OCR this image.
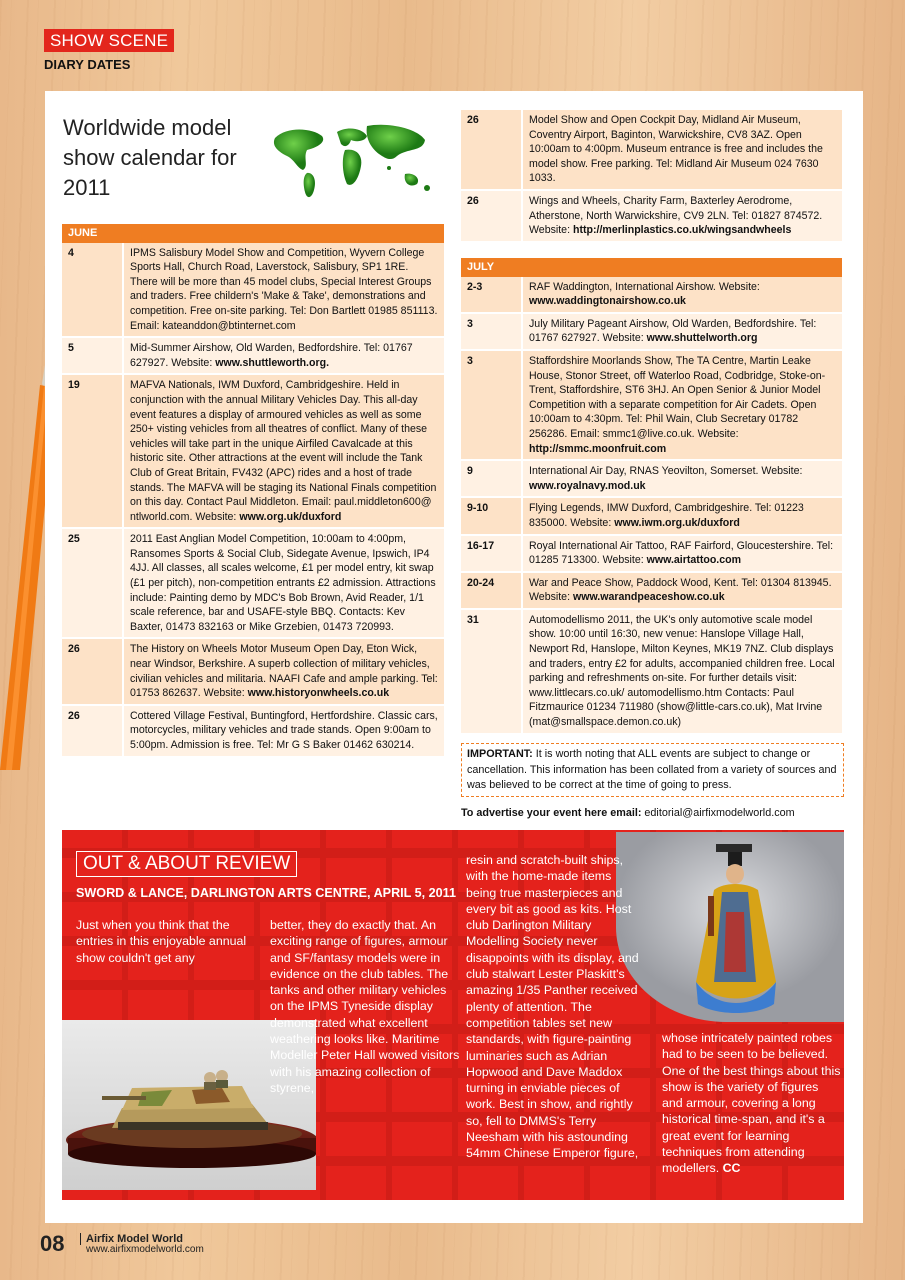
SHOW SCENE
DIARY DATES
Worldwide model show calendar for 2011
JUNE	
4	IPMS Salisbury Model Show and Competition, Wyvern College Sports Hall, Church Road, Laverstock, Salisbury, SP1 1RE. There will be more than 45 model clubs, Special Interest Groups and traders. Free childern's 'Make & Take', demonstrations and competition. Free on-site parking. Tel: Don Bartlett 01985 851113. Email: kateanddon@btinternet.com
5	Mid-Summer Airshow, Old Warden, Bedfordshire. Tel: 01767 627927. Website: www.shuttleworth.org.
19	MAFVA Nationals, IWM Duxford, Cambridgeshire. Held in conjunction with the annual Military Vehicles Day. This all-day event features a display of armoured vehicles as well as some 250+ visting vehicles from all theatres of conflict. Many of these vehicles will take part in the unique Airfiled Cavalcade at this historic site. Other attractions at the event will include the Tank Club of Great Britain, FV432 (APC) rides and a host of trade stands. The MAFVA will be staging its National Finals competition on this day. Contact Paul Middleton. Email: paul.middleton600@ ntlworld.com. Website: www.org.uk/duxford
25	2011 East Anglian Model Competition, 10:00am to 4:00pm, Ransomes Sports & Social Club, Sidegate Avenue, Ipswich, IP4 4JJ. All classes, all scales welcome, £1 per model entry, kit swap (£1 per pitch), non-competition entrants £2 admission. Attractions include: Painting demo by MDC's Bob Brown, Avid Reader, 1/1 scale reference, bar and USAFE-style BBQ. Contacts: Kev Baxter, 01473 832163 or Mike Grzebien, 01473 720993.
26	The History on Wheels Motor Museum Open Day, Eton Wick, near Windsor, Berkshire. A superb collection of military vehicles, civilian vehicles and militaria. NAAFI Cafe and ample parking. Tel: 01753 862637. Website: www.historyonwheels.co.uk
26	Cottered Village Festival, Buntingford, Hertfordshire. Classic cars, motorcycles, military vehicles and trade stands. Open 9:00am to 5:00pm. Admission is free. Tel: Mr G S Baker 01462 630214.
26	Model Show and Open Cockpit Day, Midland Air Museum, Coventry Airport, Baginton, Warwickshire, CV8 3AZ. Open 10:00am to 4:00pm. Museum entrance is free and includes the model show. Free parking. Tel: Midland Air Museum 024 7630 1033.
26	Wings and Wheels, Charity Farm, Baxterley Aerodrome, Atherstone, North Warwickshire, CV9 2LN. Tel: 01827 874572. Website: http://merlinplastics.co.uk/wingsandwheels
JULY	
2-3	RAF Waddington, International Airshow. Website: www.waddingtonairshow.co.uk
3	July Military Pageant Airshow, Old Warden, Bedfordshire. Tel: 01767 627927. Website: www.shuttelworth.org
3	Staffordshire Moorlands Show, The TA Centre, Martin Leake House, Stonor Street, off Waterloo Road, Codbridge, Stoke-on-Trent, Staffordshire, ST6 3HJ. An Open Senior & Junior Model Competition with a separate competition for Air Cadets. Open 10:00am to 4:30pm. Tel: Phil Wain, Club Secretary 01782 256286. Email: smmc1@live.co.uk. Website: http://smmc.moonfruit.com
9	International Air Day, RNAS Yeovilton, Somerset. Website: www.royalnavy.mod.uk
9-10	Flying Legends, IMW Duxford, Cambridgeshire. Tel: 01223 835000. Website: www.iwm.org.uk/duxford
16-17	Royal International Air Tattoo, RAF Fairford, Gloucestershire. Tel: 01285 713300. Website: www.airtattoo.com
20-24	War and Peace Show, Paddock Wood, Kent. Tel: 01304 813945. Website: www.warandpeaceshow.co.uk
31	Automodellismo 2011, the UK's only automotive scale model show. 10:00 until 16:30, new venue: Hanslope Village Hall, Newport Rd, Hanslope, Milton Keynes, MK19 7NZ. Club displays and traders, entry £2 for adults, accompanied children free. Local parking and refreshments on-site. For further details visit: www.littlecars.co.uk/ automodellismo.htm Contacts: Paul Fitzmaurice 01234 711980 (show@little-cars.co.uk), Mat Irvine (mat@smallspace.demon.co.uk)
IMPORTANT: It is worth noting that ALL events are subject to change or cancellation. This information has been collated from a variety of sources and was believed to be correct at the time of going to press.
To advertise your event here email: editorial@airfixmodelworld.com
OUT & ABOUT REVIEW
SWORD & LANCE, DARLINGTON ARTS CENTRE, APRIL 5, 2011
Just when you think that the entries in this enjoyable annual show couldn't get any
better, they do exactly that. An exciting range of figures, armour and SF/fantasy models were in evidence on the club tables. The tanks and other military vehicles on the IPMS Tyneside display demonstrated what excellent weathering looks like. Maritime Modeller Peter Hall wowed visitors with his amazing collection of styrene,
resin and scratch-built ships, with the home-made items being true masterpieces and every bit as good as kits. Host club Darlington Military Modelling Society never disappoints with its display, and club stalwart Lester Plaskitt's amazing 1/35 Panther received plenty of attention. The competition tables set new standards, with figure-painting luminaries such as Adrian Hopwood and Dave Maddox turning in enviable pieces of work. Best in show, and rightly so, fell to DMMS's Terry Neesham with his astounding 54mm Chinese Emperor figure,
whose intricately painted robes had to be seen to be believed. One of the best things about this show is the variety of figures and armour, covering a long historical time-span, and it's a great event for learning techniques from attending modellers. CC
08	Airfix Model World
www.airfixmodelworld.com
